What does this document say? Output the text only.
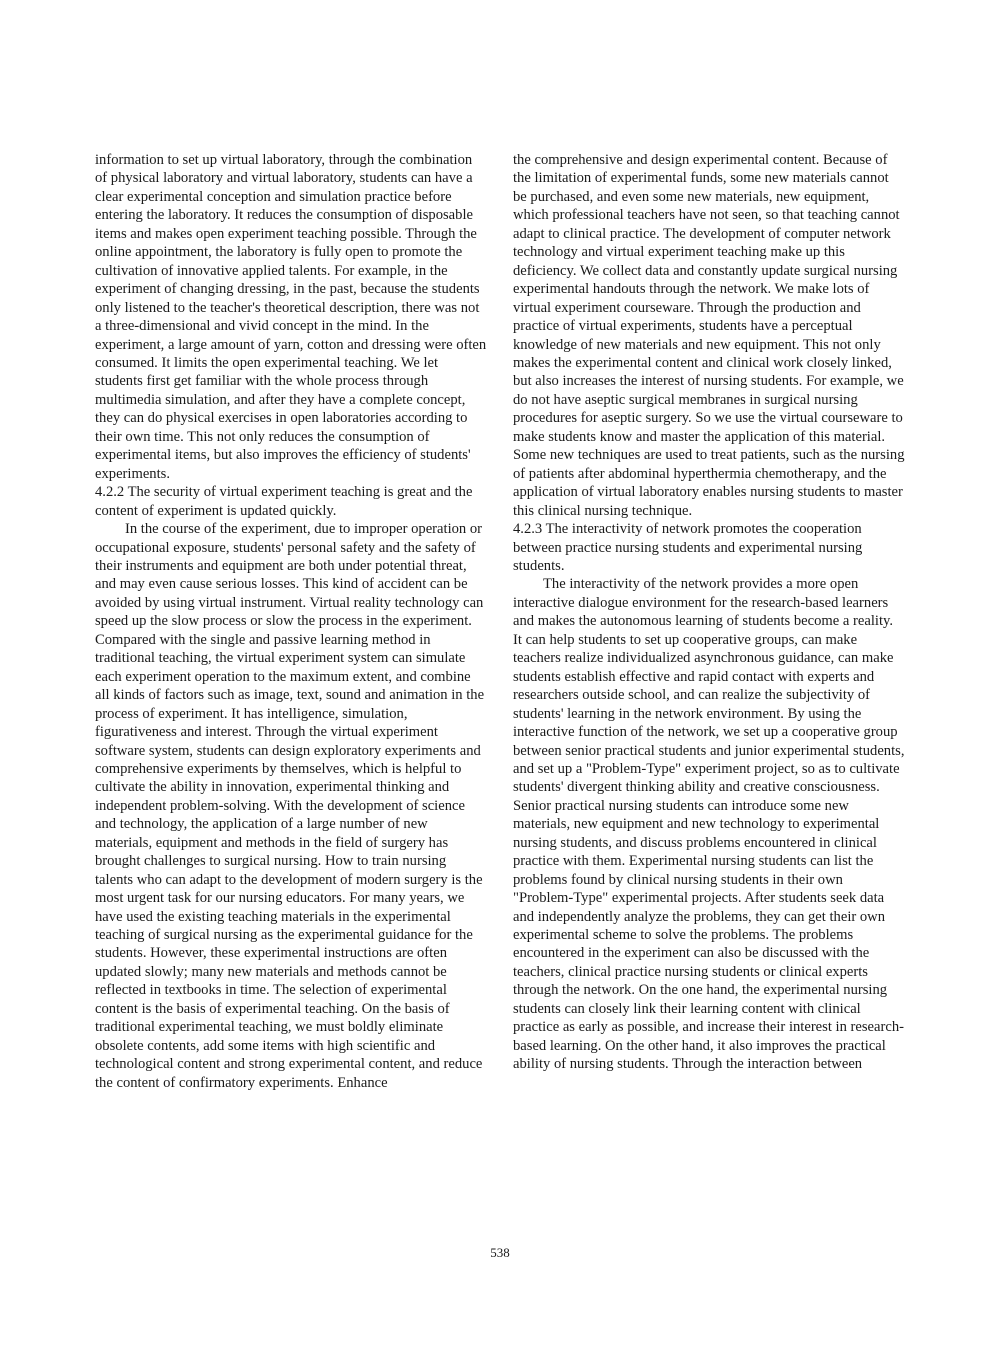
information to set up virtual laboratory, through the combination of physical laboratory and virtual laboratory, students can have a clear experimental conception and simulation practice before entering the laboratory. It reduces the consumption of disposable items and makes open experiment teaching possible. Through the online appointment, the laboratory is fully open to promote the cultivation of innovative applied talents. For example, in the experiment of changing dressing, in the past, because the students only listened to the teacher's theoretical description, there was not a three-dimensional and vivid concept in the mind. In the experiment, a large amount of yarn, cotton and dressing were often consumed. It limits the open experimental teaching. We let students first get familiar with the whole process through multimedia simulation, and after they have a complete concept, they can do physical exercises in open laboratories according to their own time. This not only reduces the consumption of experimental items, but also improves the efficiency of students' experiments.

4.2.2 The security of virtual experiment teaching is great and the content of experiment is updated quickly.

In the course of the experiment, due to improper operation or occupational exposure, students' personal safety and the safety of their instruments and equipment are both under potential threat, and may even cause serious losses. This kind of accident can be avoided by using virtual instrument. Virtual reality technology can speed up the slow process or slow the process in the experiment. Compared with the single and passive learning method in traditional teaching, the virtual experiment system can simulate each experiment operation to the maximum extent, and combine all kinds of factors such as image, text, sound and animation in the process of experiment. It has intelligence, simulation, figurativeness and interest. Through the virtual experiment software system, students can design exploratory experiments and comprehensive experiments by themselves, which is helpful to cultivate the ability in innovation, experimental thinking and independent problem-solving. With the development of science and technology, the application of a large number of new materials, equipment and methods in the field of surgery has brought challenges to surgical nursing. How to train nursing talents who can adapt to the development of modern surgery is the most urgent task for our nursing educators. For many years, we have used the existing teaching materials in the experimental teaching of surgical nursing as the experimental guidance for the students. However, these experimental instructions are often updated slowly; many new materials and methods cannot be reflected in textbooks in time. The selection of experimental content is the basis of experimental teaching. On the basis of traditional experimental teaching, we must boldly eliminate obsolete contents, add some items with high scientific and technological content and strong experimental content, and reduce the content of confirmatory experiments. Enhance

the comprehensive and design experimental content. Because of the limitation of experimental funds, some new materials cannot be purchased, and even some new materials, new equipment, which professional teachers have not seen, so that teaching cannot adapt to clinical practice. The development of computer network technology and virtual experiment teaching make up this deficiency. We collect data and constantly update surgical nursing experimental handouts through the network. We make lots of virtual experiment courseware. Through the production and practice of virtual experiments, students have a perceptual knowledge of new materials and new equipment. This not only makes the experimental content and clinical work closely linked, but also increases the interest of nursing students. For example, we do not have aseptic surgical membranes in surgical nursing procedures for aseptic surgery. So we use the virtual courseware to make students know and master the application of this material. Some new techniques are used to treat patients, such as the nursing of patients after abdominal hyperthermia chemotherapy, and the application of virtual laboratory enables nursing students to master this clinical nursing technique.

4.2.3 The interactivity of network promotes the cooperation between practice nursing students and experimental nursing students.

The interactivity of the network provides a more open interactive dialogue environment for the research-based learners and makes the autonomous learning of students become a reality. It can help students to set up cooperative groups, can make teachers realize individualized asynchronous guidance, can make students establish effective and rapid contact with experts and researchers outside school, and can realize the subjectivity of students' learning in the network environment. By using the interactive function of the network, we set up a cooperative group between senior practical students and junior experimental students, and set up a "Problem-Type" experiment project, so as to cultivate students' divergent thinking ability and creative consciousness. Senior practical nursing students can introduce some new materials, new equipment and new technology to experimental nursing students, and discuss problems encountered in clinical practice with them. Experimental nursing students can list the problems found by clinical nursing students in their own "Problem-Type" experimental projects. After students seek data and independently analyze the problems, they can get their own experimental scheme to solve the problems. The problems encountered in the experiment can also be discussed with the teachers, clinical practice nursing students or clinical experts through the network. On the one hand, the experimental nursing students can closely link their learning content with clinical practice as early as possible, and increase their interest in research-based learning. On the other hand, it also improves the practical ability of nursing students. Through the interaction between

538
